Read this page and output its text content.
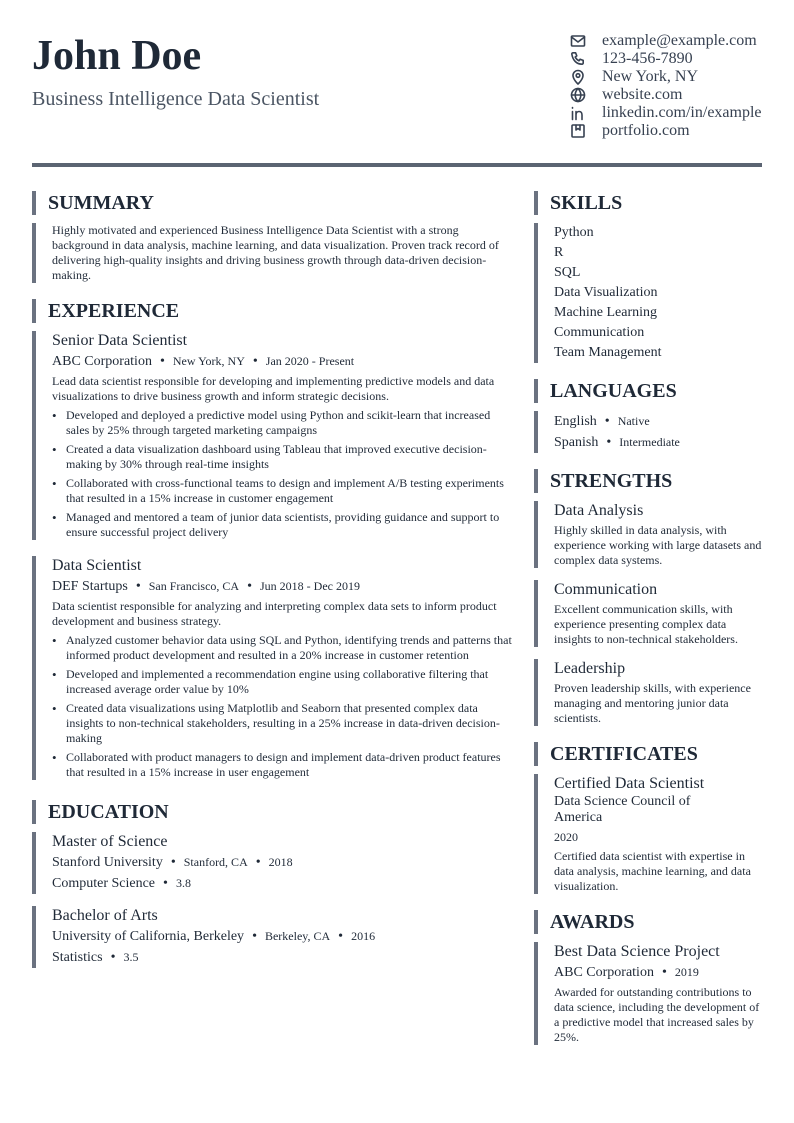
John Doe
Business Intelligence Data Scientist
example@example.com
123-456-7890
New York, NY
website.com
linkedin.com/in/example
portfolio.com
SUMMARY
Highly motivated and experienced Business Intelligence Data Scientist with a strong background in data analysis, machine learning, and data visualization. Proven track record of delivering high-quality insights and driving business growth through data-driven decision-making.
EXPERIENCE
Senior Data Scientist
ABC Corporation • New York, NY • Jan 2020 - Present
Lead data scientist responsible for developing and implementing predictive models and data visualizations to drive business growth and inform strategic decisions.
• Developed and deployed a predictive model using Python and scikit-learn that increased sales by 25% through targeted marketing campaigns
• Created a data visualization dashboard using Tableau that improved executive decision-making by 30% through real-time insights
• Collaborated with cross-functional teams to design and implement A/B testing experiments that resulted in a 15% increase in customer engagement
• Managed and mentored a team of junior data scientists, providing guidance and support to ensure successful project delivery
Data Scientist
DEF Startups • San Francisco, CA • Jun 2018 - Dec 2019
Data scientist responsible for analyzing and interpreting complex data sets to inform product development and business strategy.
• Analyzed customer behavior data using SQL and Python, identifying trends and patterns that informed product development and resulted in a 20% increase in customer retention
• Developed and implemented a recommendation engine using collaborative filtering that increased average order value by 10%
• Created data visualizations using Matplotlib and Seaborn that presented complex data insights to non-technical stakeholders, resulting in a 25% increase in data-driven decision-making
• Collaborated with product managers to design and implement data-driven product features that resulted in a 15% increase in user engagement
EDUCATION
Master of Science
Stanford University • Stanford, CA • 2018
Computer Science • 3.8
Bachelor of Arts
University of California, Berkeley • Berkeley, CA • 2016
Statistics • 3.5
SKILLS
Python
R
SQL
Data Visualization
Machine Learning
Communication
Team Management
LANGUAGES
English • Native
Spanish • Intermediate
STRENGTHS
Data Analysis
Highly skilled in data analysis, with experience working with large datasets and complex data systems.
Communication
Excellent communication skills, with experience presenting complex data insights to non-technical stakeholders.
Leadership
Proven leadership skills, with experience managing and mentoring junior data scientists.
CERTIFICATES
Certified Data Scientist
Data Science Council of America
2020
Certified data scientist with expertise in data analysis, machine learning, and data visualization.
AWARDS
Best Data Science Project
ABC Corporation • 2019
Awarded for outstanding contributions to data science, including the development of a predictive model that increased sales by 25%.
